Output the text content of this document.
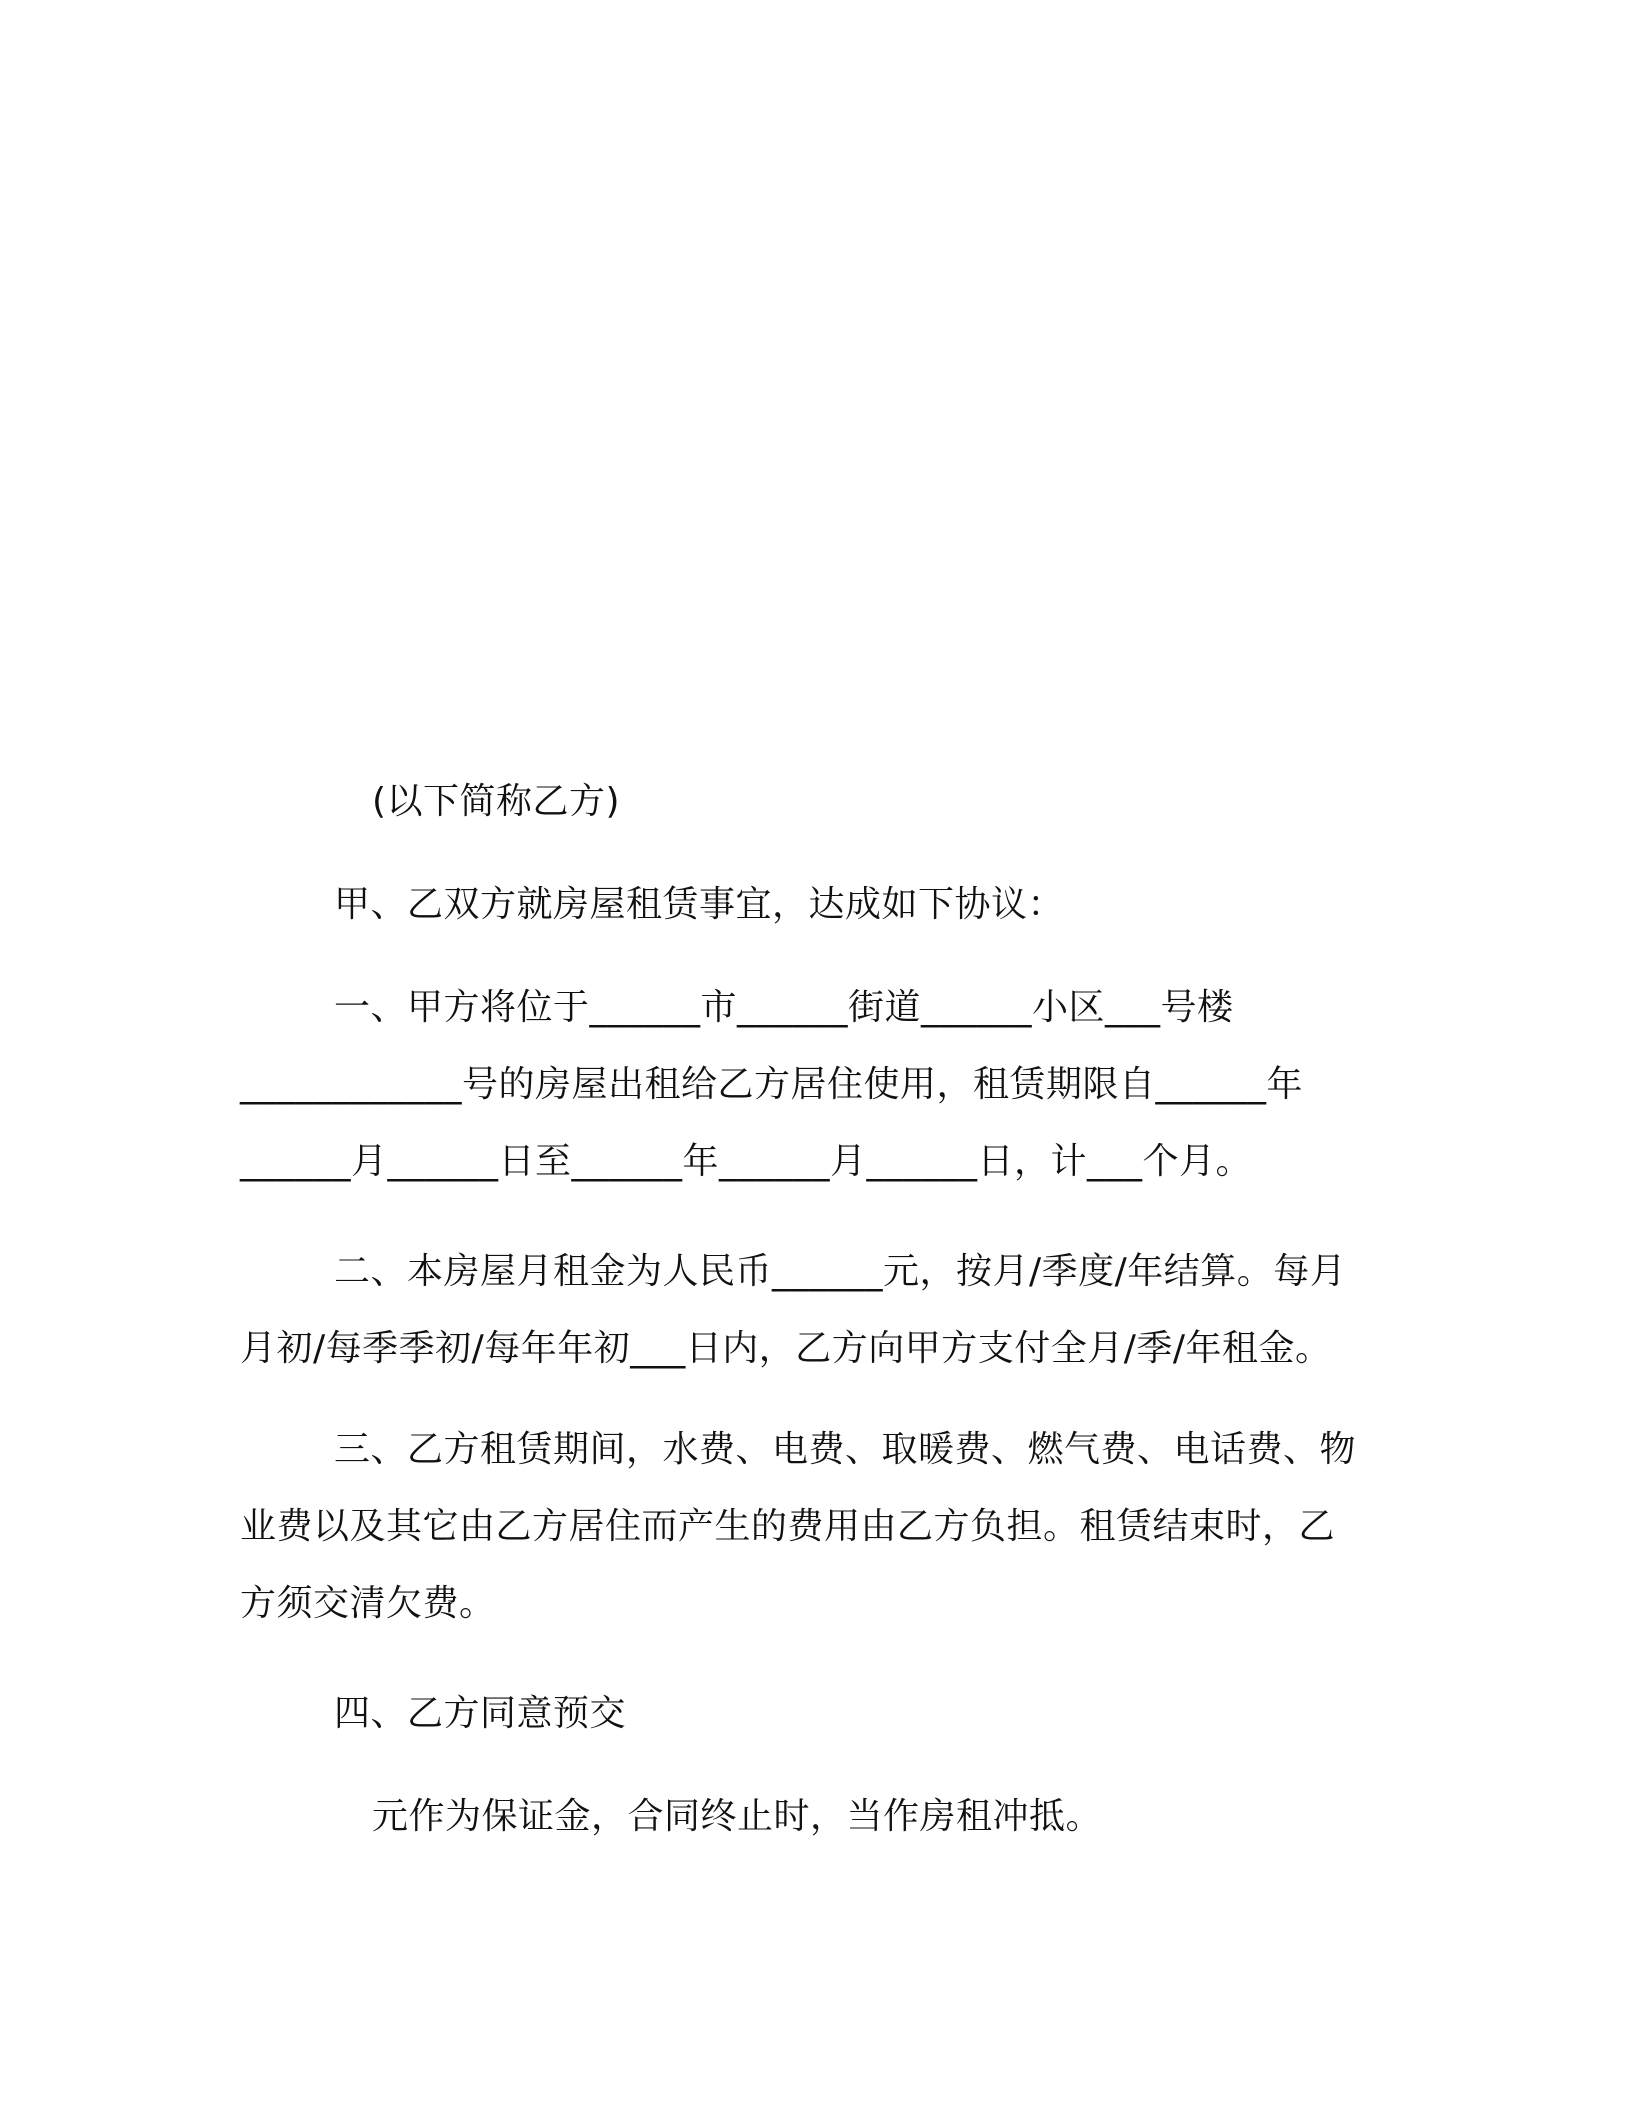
(以下简称乙方)
甲、乙双方就房屋租赁事宜，达成如下协议：
一、甲方将位于______市______街道______小区___号楼
____________号的房屋出租给乙方居住使用，租赁期限自______年
______月______日至______年______月______日，计___个月。
二、本房屋月租金为人民币______元，按月/季度/年结算。每月
月初/每季季初/每年年初___日内，乙方向甲方支付全月/季/年租金。
三、乙方租赁期间，水费、电费、取暖费、燃气费、电话费、物
业费以及其它由乙方居住而产生的费用由乙方负担。租赁结束时，乙
方须交清欠费。
四、乙方同意预交
元作为保证金，合同终止时，当作房租冲抵。
